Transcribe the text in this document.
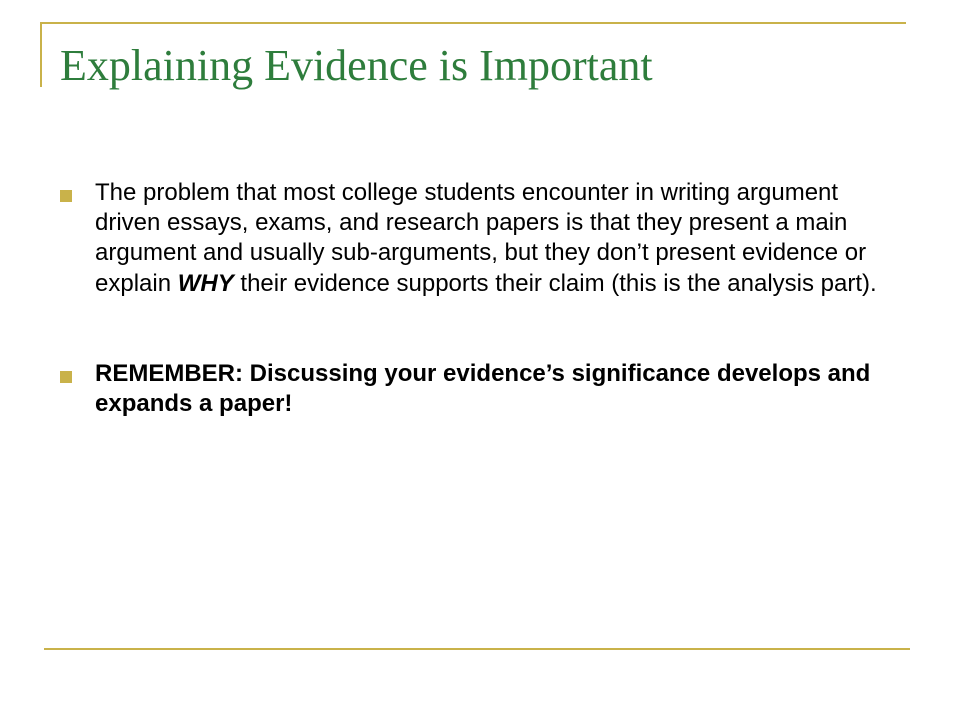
Explaining Evidence is Important
The problem that most college students encounter in writing argument driven essays, exams, and research papers is that they present a main argument and usually sub-arguments, but they don’t present evidence or explain WHY their evidence supports their claim (this is the analysis part).
REMEMBER: Discussing your evidence’s significance develops and expands a paper!
